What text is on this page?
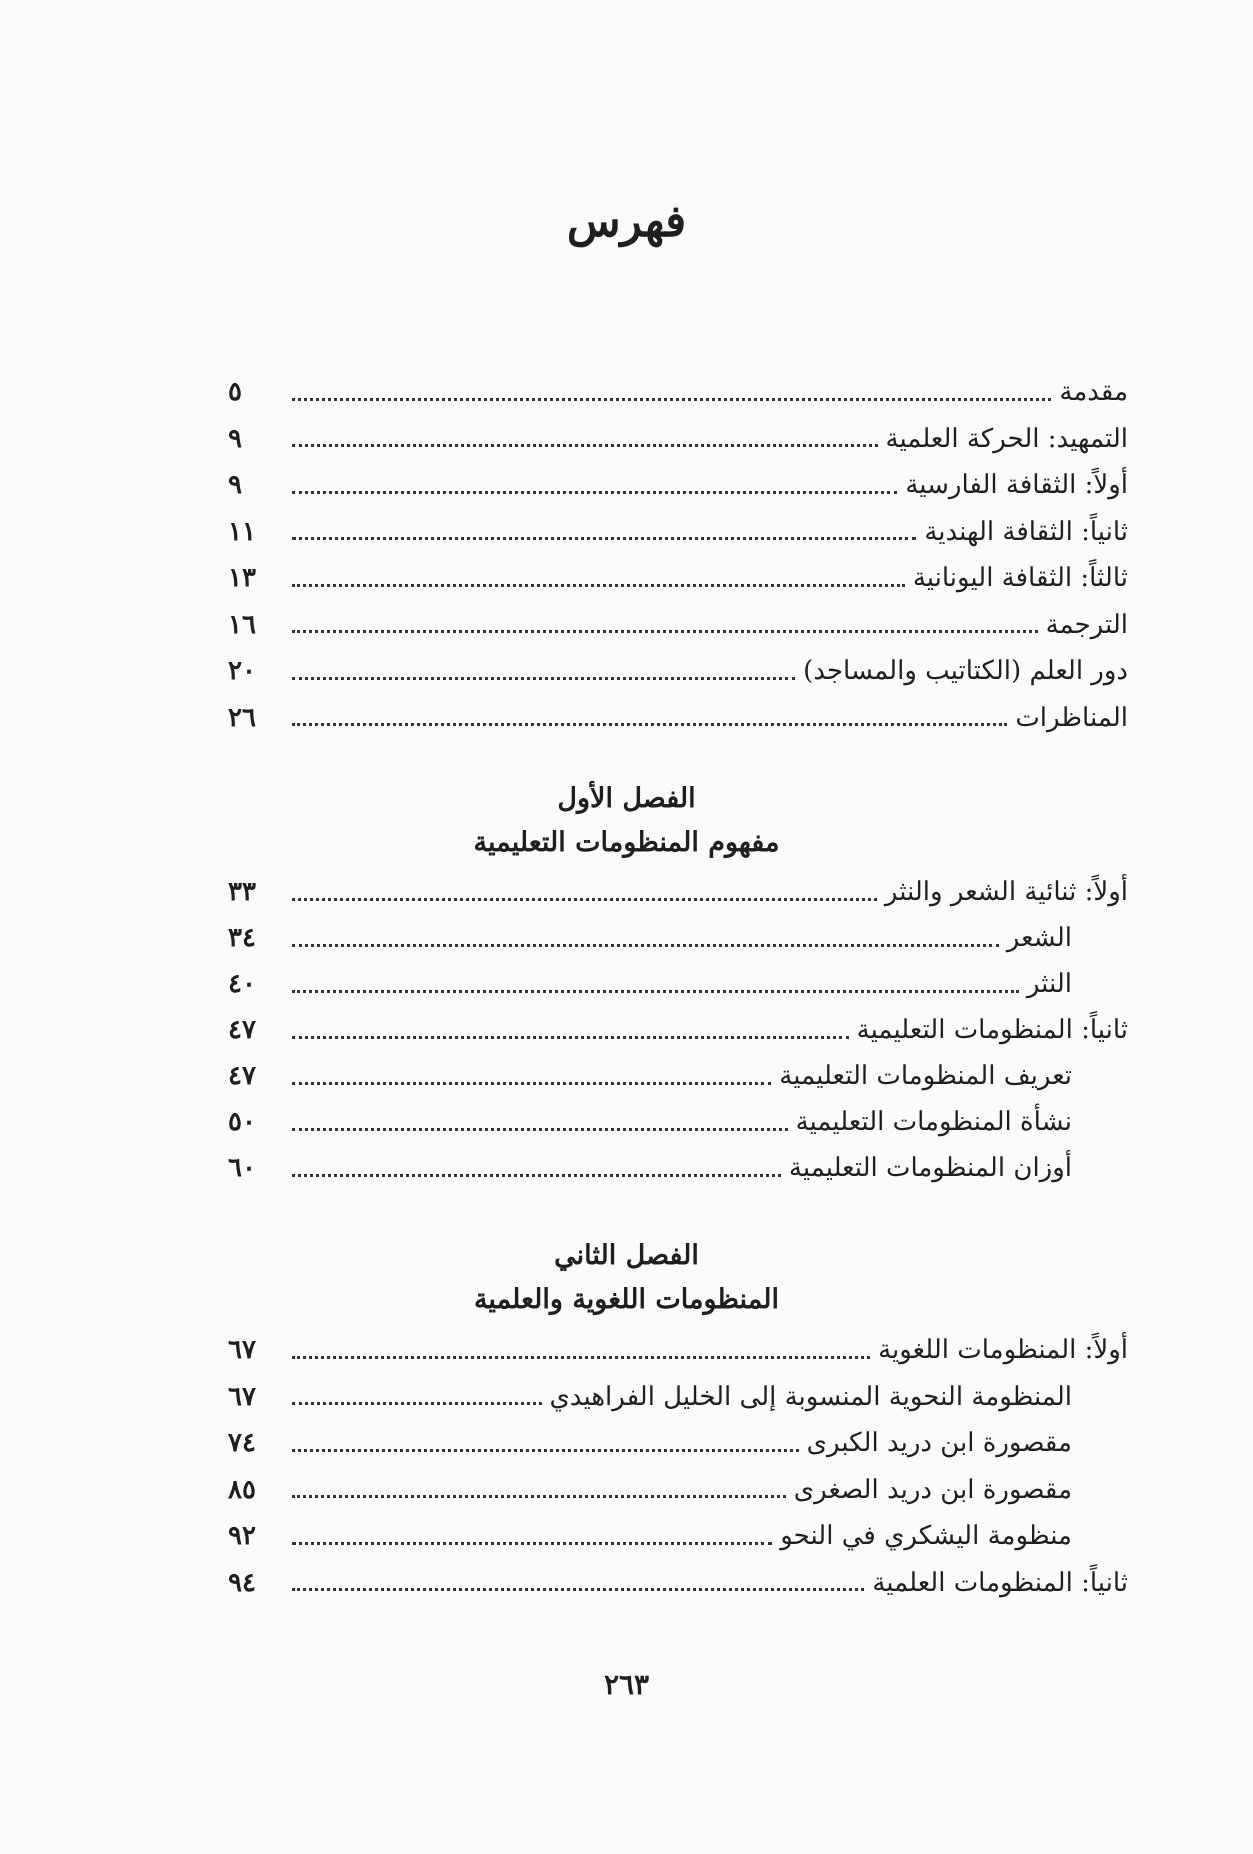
فهرس
مقدمة
٥
التمهيد: الحركة العلمية
٩
أولاً: الثقافة الفارسية
٩
ثانياً: الثقافة الهندية
١١
ثالثاً: الثقافة اليونانية
١٣
الترجمة
١٦
دور العلم (الكتاتيب والمساجد)
٢٠
المناظرات
٢٦
الفصل الأول
مفهوم المنظومات التعليمية
أولاً: ثنائية الشعر والنثر
٣٣
الشعر
٣٤
النثر
٤٠
ثانياً: المنظومات التعليمية
٤٧
تعريف المنظومات التعليمية
٤٧
نشأة المنظومات التعليمية
٥٠
أوزان المنظومات التعليمية
٦٠
الفصل الثاني
المنظومات اللغوية والعلمية
أولاً: المنظومات اللغوية
٦٧
المنظومة النحوية المنسوبة إلى الخليل الفراهيدي
٦٧
مقصورة ابن دريد الكبرى
٧٤
مقصورة ابن دريد الصغرى
٨٥
منظومة اليشكري في النحو
٩٢
ثانياً: المنظومات العلمية
٩٤
٢٦٣
